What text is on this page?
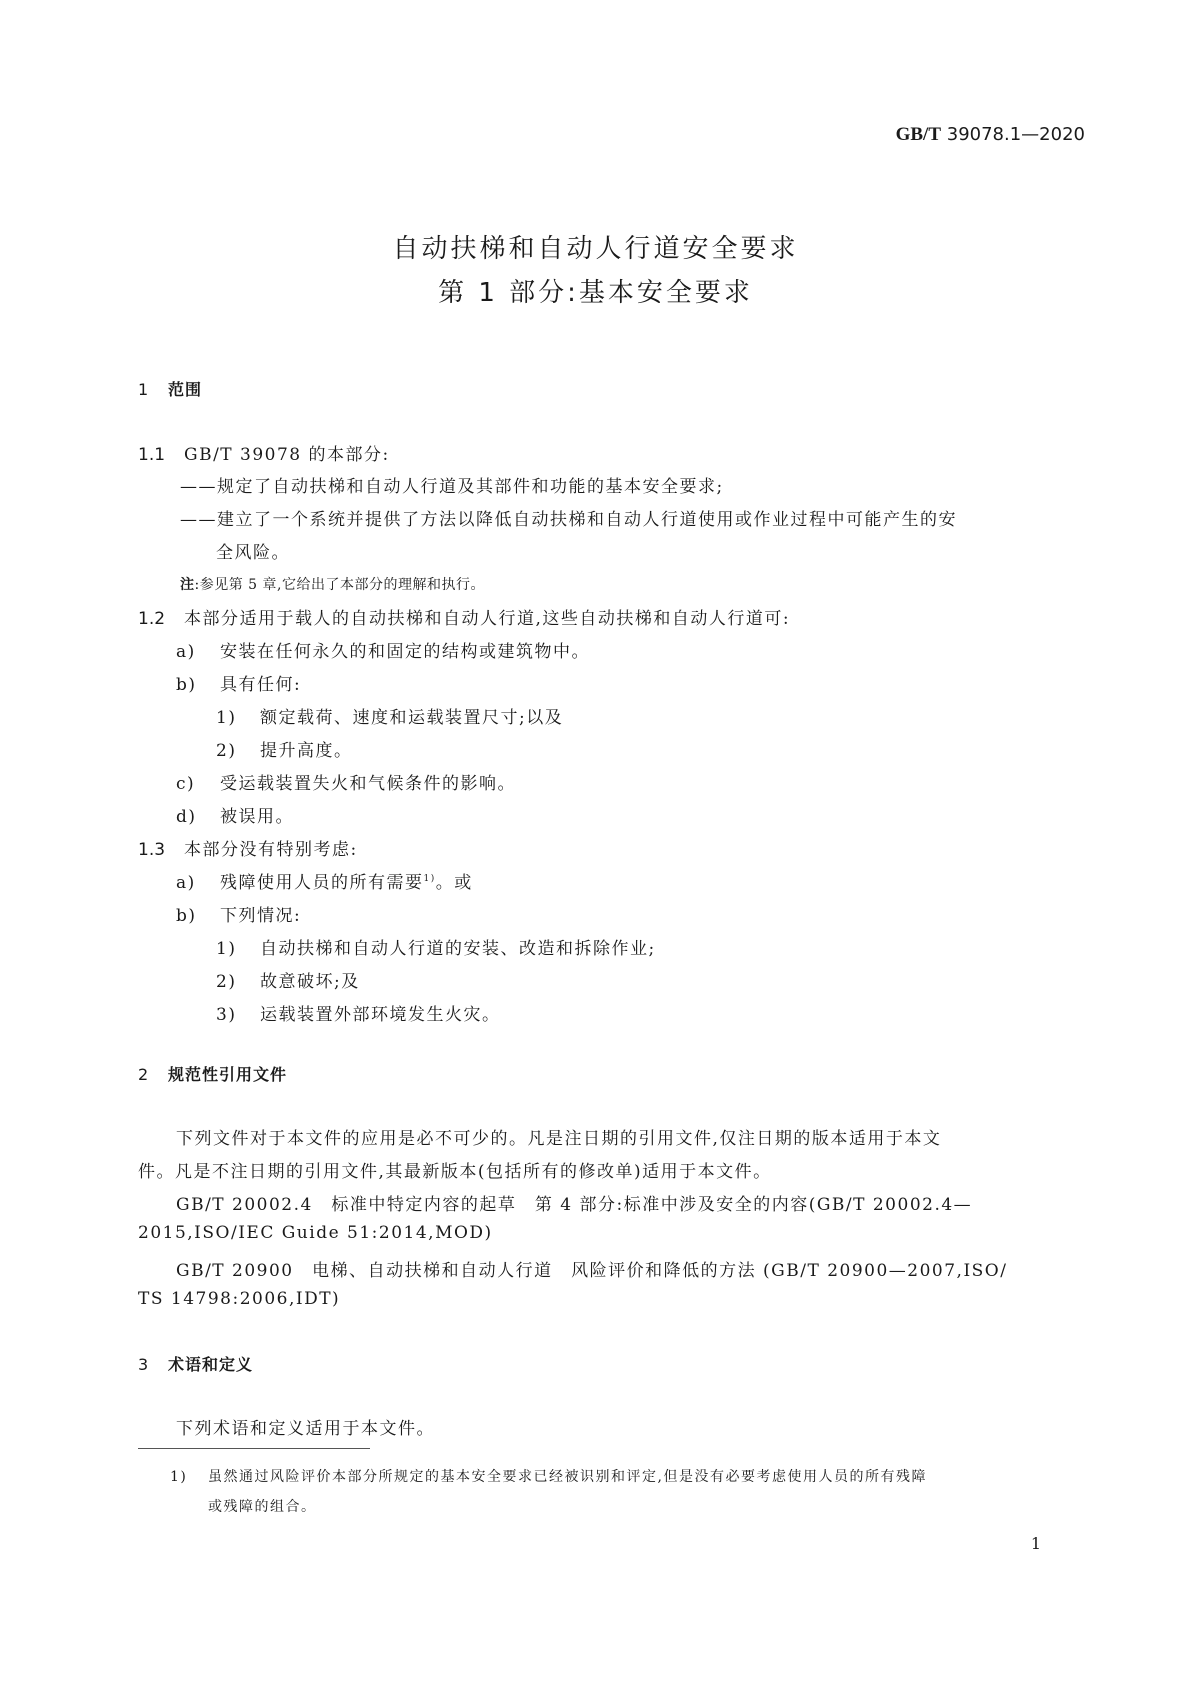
GB/T 39078.1—2020
自动扶梯和自动人行道安全要求
第 1 部分:基本安全要求
1 范围
1.1 GB/T 39078 的本部分:
——规定了自动扶梯和自动人行道及其部件和功能的基本安全要求;
——建立了一个系统并提供了方法以降低自动扶梯和自动人行道使用或作业过程中可能产生的安
全风险。
注:参见第 5 章,它给出了本部分的理解和执行。
1.2 本部分适用于载人的自动扶梯和自动人行道,这些自动扶梯和自动人行道可:
a) 安装在任何永久的和固定的结构或建筑物中。
b) 具有任何:
1) 额定载荷、速度和运载装置尺寸;以及
2) 提升高度。
c) 受运载装置失火和气候条件的影响。
d) 被误用。
1.3 本部分没有特别考虑:
a) 残障使用人员的所有需要$^{1)}$。或
b) 下列情况:
1) 自动扶梯和自动人行道的安装、改造和拆除作业;
2) 故意破坏;及
3) 运载装置外部环境发生火灾。
2 规范性引用文件
下列文件对于本文件的应用是必不可少的。凡是注日期的引用文件,仅注日期的版本适用于本文
件。凡是不注日期的引用文件,其最新版本(包括所有的修改单)适用于本文件。
GB/T 20002.4　标准中特定内容的起草　第 4 部分:标准中涉及安全的内容(GB/T 20002.4—
2015,ISO/IEC Guide 51:2014,MOD)
GB/T 20900　电梯、自动扶梯和自动人行道　风险评价和降低的方法 (GB/T 20900—2007,ISO/
TS 14798:2006,IDT)
3 术语和定义
下列术语和定义适用于本文件。
1) 虽然通过风险评价本部分所规定的基本安全要求已经被识别和评定,但是没有必要考虑使用人员的所有残障
或残障的组合。
1
